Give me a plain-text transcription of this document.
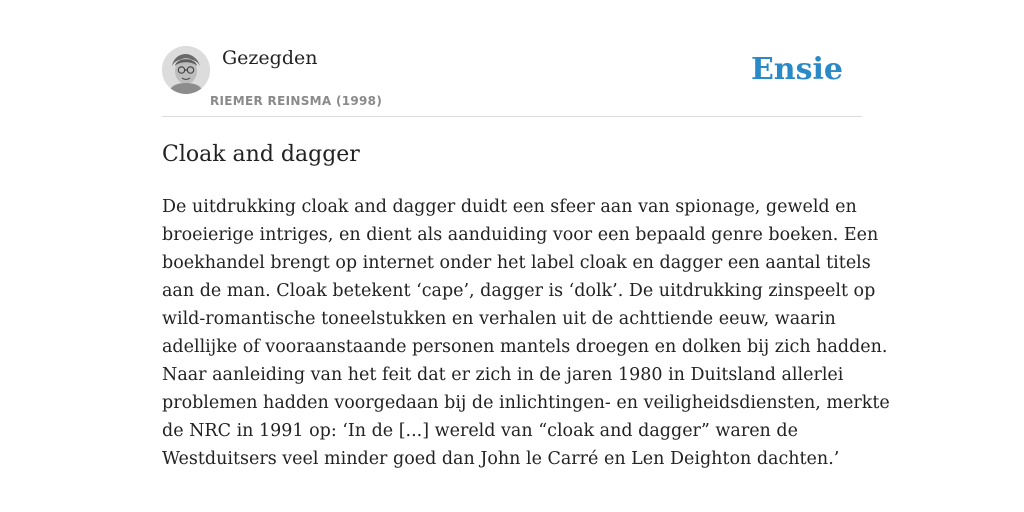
Gezegden
RIEMER REINSMA (1998)
Ensie
Cloak and dagger

De uitdrukking cloak and dagger duidt een sfeer aan van spionage, geweld en
broeierige intriges, en dient als aanduiding voor een bepaald genre boeken. Een
boekhandel brengt op internet onder het label cloak en dagger een aantal titels
aan de man. Cloak betekent ‘cape’, dagger is ‘dolk’. De uitdrukking zinspeelt op
wild-romantische toneelstukken en verhalen uit de achttiende eeuw, waarin
adellijke of vooraanstaande personen mantels droegen en dolken bij zich hadden.
Naar aanleiding van het feit dat er zich in de jaren 1980 in Duitsland allerlei
problemen hadden voorgedaan bij de inlichtingen- en veiligheidsdiensten, merkte
de NRC in 1991 op: ‘In de [...] wereld van “cloak and dagger” waren de
Westduitsers veel minder goed dan John le Carré en Len Deighton dachten.’
